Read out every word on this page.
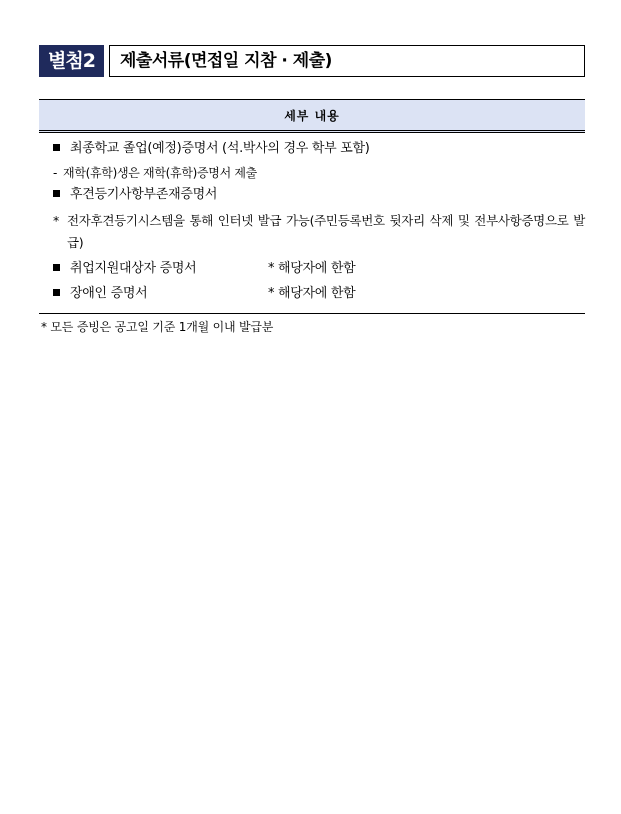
별첨2	제출서류(면접일 지참 · 제출)
세부 내용
최종학교 졸업(예정)증명서 (석.박사의 경우 학부 포함)
- 재학(휴학)생은 재학(휴학)증명서 제출
후견등기사항부존재증명서
* 전자후견등기시스템을 통해 인터넷 발급 가능(주민등록번호 뒷자리 삭제 및 전부사항증명으로 발급)
취업지원대상자 증명서	* 해당자에 한함
장애인 증명서	* 해당자에 한함
* 모든 증빙은 공고일 기준 1개월 이내 발급분
